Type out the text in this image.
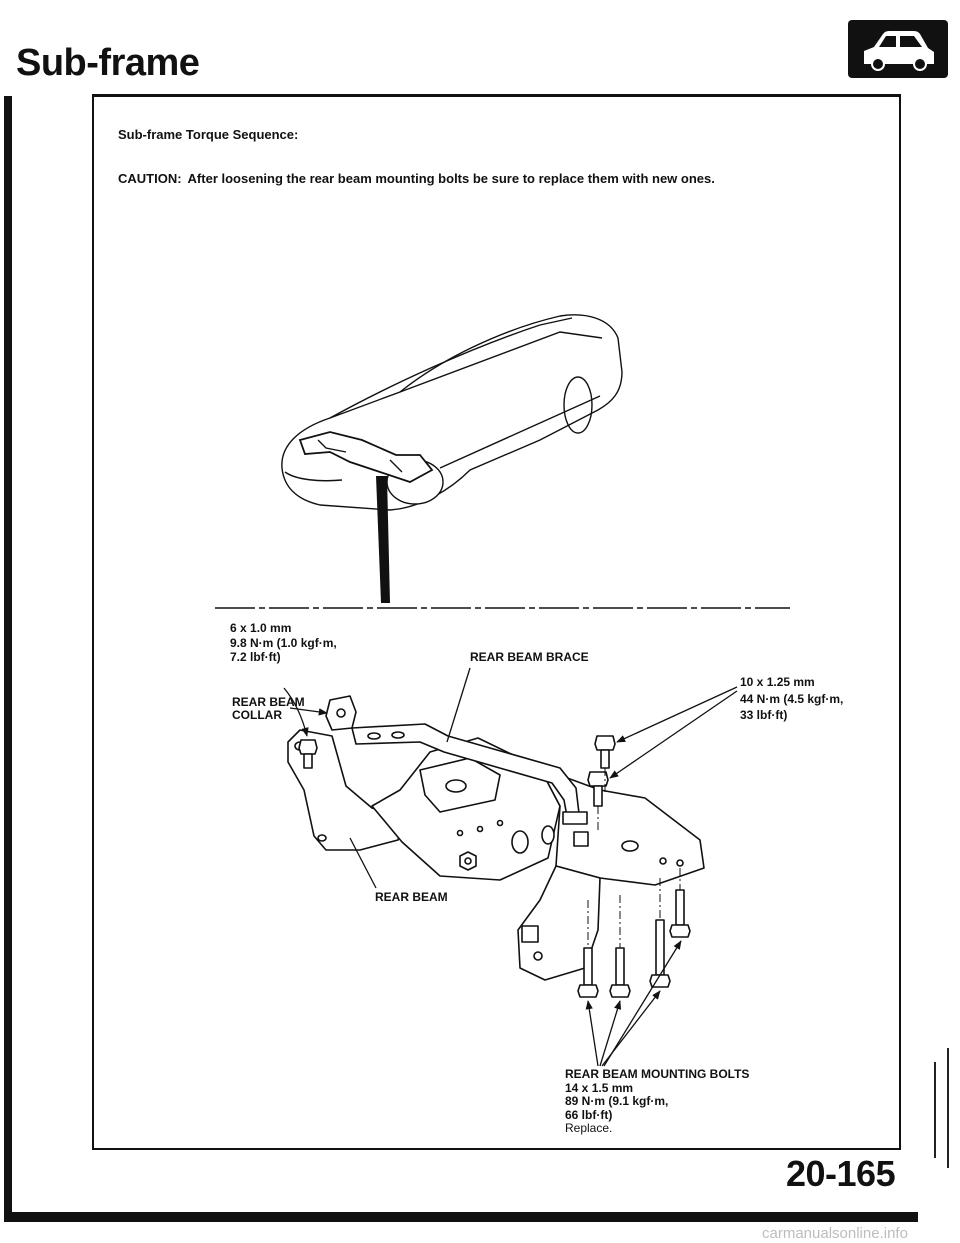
Sub-frame
Sub-frame Torque Sequence:
CAUTION: After loosening the rear beam mounting bolts be sure to replace them with new ones.
6 x 1.0 mm
9.8 N·m (1.0 kgf·m,
7.2 lbf·ft)	REAR BEAM BRACE
10 x 1.25 mm
44 N·m (4.5 kgf·m,
33 lbf·ft)
REAR BEAM
COLLAR
REAR BEAM
REAR BEAM MOUNTING BOLTS
14 x 1.5 mm
89 N·m (9.1 kgf·m,
66 lbf·ft)
Replace.
20-165
carmanualsonline.info
